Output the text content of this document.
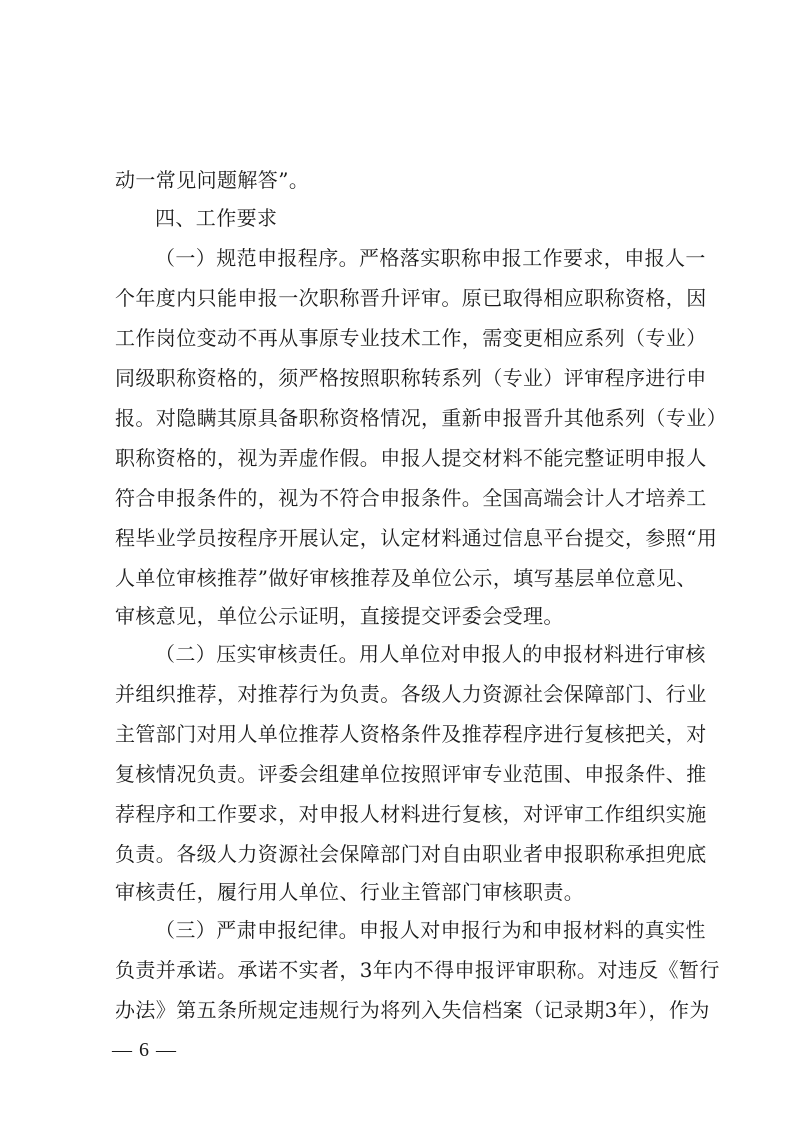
动一常见问题解答”。
四、工作要求
（一）规范申报程序。严格落实职称申报工作要求，申报人一
个年度内只能申报一次职称晋升评审。原已取得相应职称资格，因
工作岗位变动不再从事原专业技术工作，需变更相应系列（专业）
同级职称资格的，须严格按照职称转系列（专业）评审程序进行申
报。对隐瞒其原具备职称资格情况，重新申报晋升其他系列（专业）
职称资格的，视为弄虚作假。申报人提交材料不能完整证明申报人
符合申报条件的，视为不符合申报条件。全国高端会计人才培养工
程毕业学员按程序开展认定，认定材料通过信息平台提交，参照“用
人单位审核推荐”做好审核推荐及单位公示，填写基层单位意见、
审核意见，单位公示证明，直接提交评委会受理。
（二）压实审核责任。用人单位对申报人的申报材料进行审核
并组织推荐，对推荐行为负责。各级人力资源社会保障部门、行业
主管部门对用人单位推荐人资格条件及推荐程序进行复核把关，对
复核情况负责。评委会组建单位按照评审专业范围、申报条件、推
荐程序和工作要求，对申报人材料进行复核，对评审工作组织实施
负责。各级人力资源社会保障部门对自由职业者申报职称承担兜底
审核责任，履行用人单位、行业主管部门审核职责。
（三）严肃申报纪律。申报人对申报行为和申报材料的真实性
负责并承诺。承诺不实者，3年内不得申报评审职称。对违反《暂行
办法》第五条所规定违规行为将列入失信档案（记录期3年），作为
— 6 —
